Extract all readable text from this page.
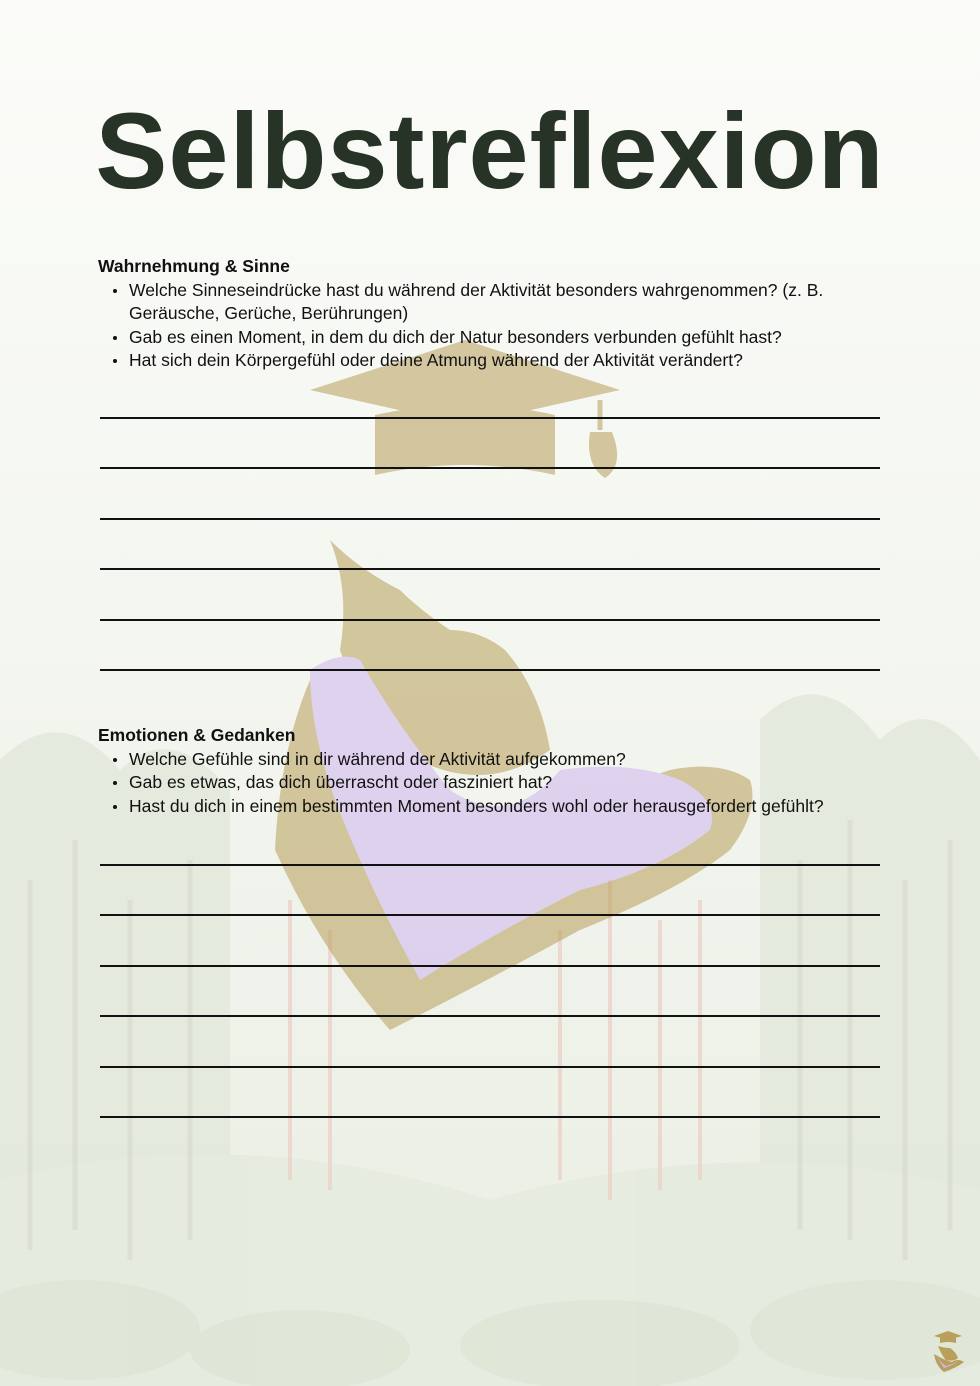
Selbstreflexion
Wahrnehmung & Sinne
Welche Sinneseindrücke hast du während der Aktivität besonders wahrgenommen? (z. B. Geräusche, Gerüche, Berührungen)
Gab es einen Moment, in dem du dich der Natur besonders verbunden gefühlt hast?
Hat sich dein Körpergefühl oder deine Atmung während der Aktivität verändert?
Emotionen & Gedanken
Welche Gefühle sind in dir während der Aktivität aufgekommen?
Gab es etwas, das dich überrascht oder fasziniert hat?
Hast du dich in einem bestimmten Moment besonders wohl oder herausgefordert gefühlt?
